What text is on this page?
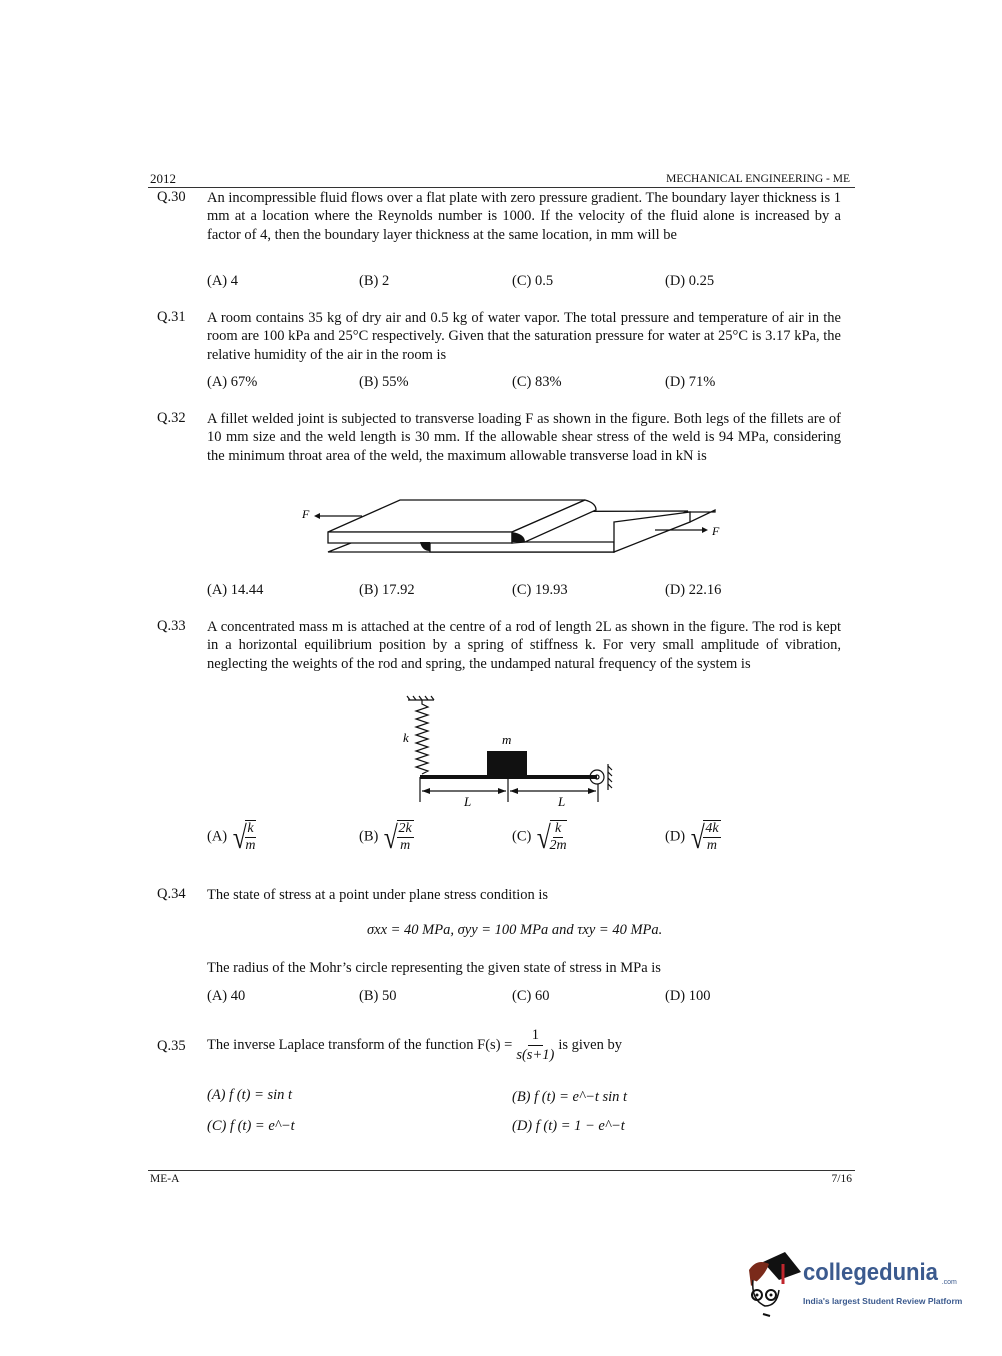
2012	MECHANICAL ENGINEERING - ME
Q.30 An incompressible fluid flows over a flat plate with zero pressure gradient. The boundary layer thickness is 1 mm at a location where the Reynolds number is 1000. If the velocity of the fluid alone is increased by a factor of 4, then the boundary layer thickness at the same location, in mm will be
(A) 4	(B) 2	(C) 0.5	(D) 0.25
Q.31 A room contains 35 kg of dry air and 0.5 kg of water vapor. The total pressure and temperature of air in the room are 100 kPa and 25°C respectively. Given that the saturation pressure for water at 25°C is 3.17 kPa, the relative humidity of the air in the room is
(A) 67%	(B) 55%	(C) 83%	(D) 71%
Q.32 A fillet welded joint is subjected to transverse loading F as shown in the figure. Both legs of the fillets are of 10 mm size and the weld length is 30 mm. If the allowable shear stress of the weld is 94 MPa, considering the minimum throat area of the weld, the maximum allowable transverse load in kN is
F
F
(A) 14.44	(B) 17.92	(C) 19.93	(D) 22.16
Q.33 A concentrated mass m is attached at the centre of a rod of length 2L as shown in the figure. The rod is kept in a horizontal equilibrium position by a spring of stiffness k. For very small amplitude of vibration, neglecting the weights of the rod and spring, the undamped natural frequency of the system is
k	m
L	L
(A) √
$\frac{k}{m}$	(B) √
$\frac{2k}{m}$	(C) √
$\frac{k}{2m}$	(D) √
$\frac{4k}{m}$
Q.34 The state of stress at a point under plane stress condition is
σxx = 40 MPa, σyy = 100 MPa and τxy = 40 MPa.
The radius of the Mohr’s circle representing the given state of stress in MPa is
(A) 40	(B) 50	(C) 60	(D) 100
Q.35 The inverse Laplace transform of the function $F(s) = \frac{1}{s(s+1)}$ is given by
(A) f (t) = sin t	(B) f (t) = e^−t sin t
(C) f (t) = e^−t	(D) f (t) = 1 − e^−t
ME-A	7/16
collegedunia .com
India's largest Student Review Platform
